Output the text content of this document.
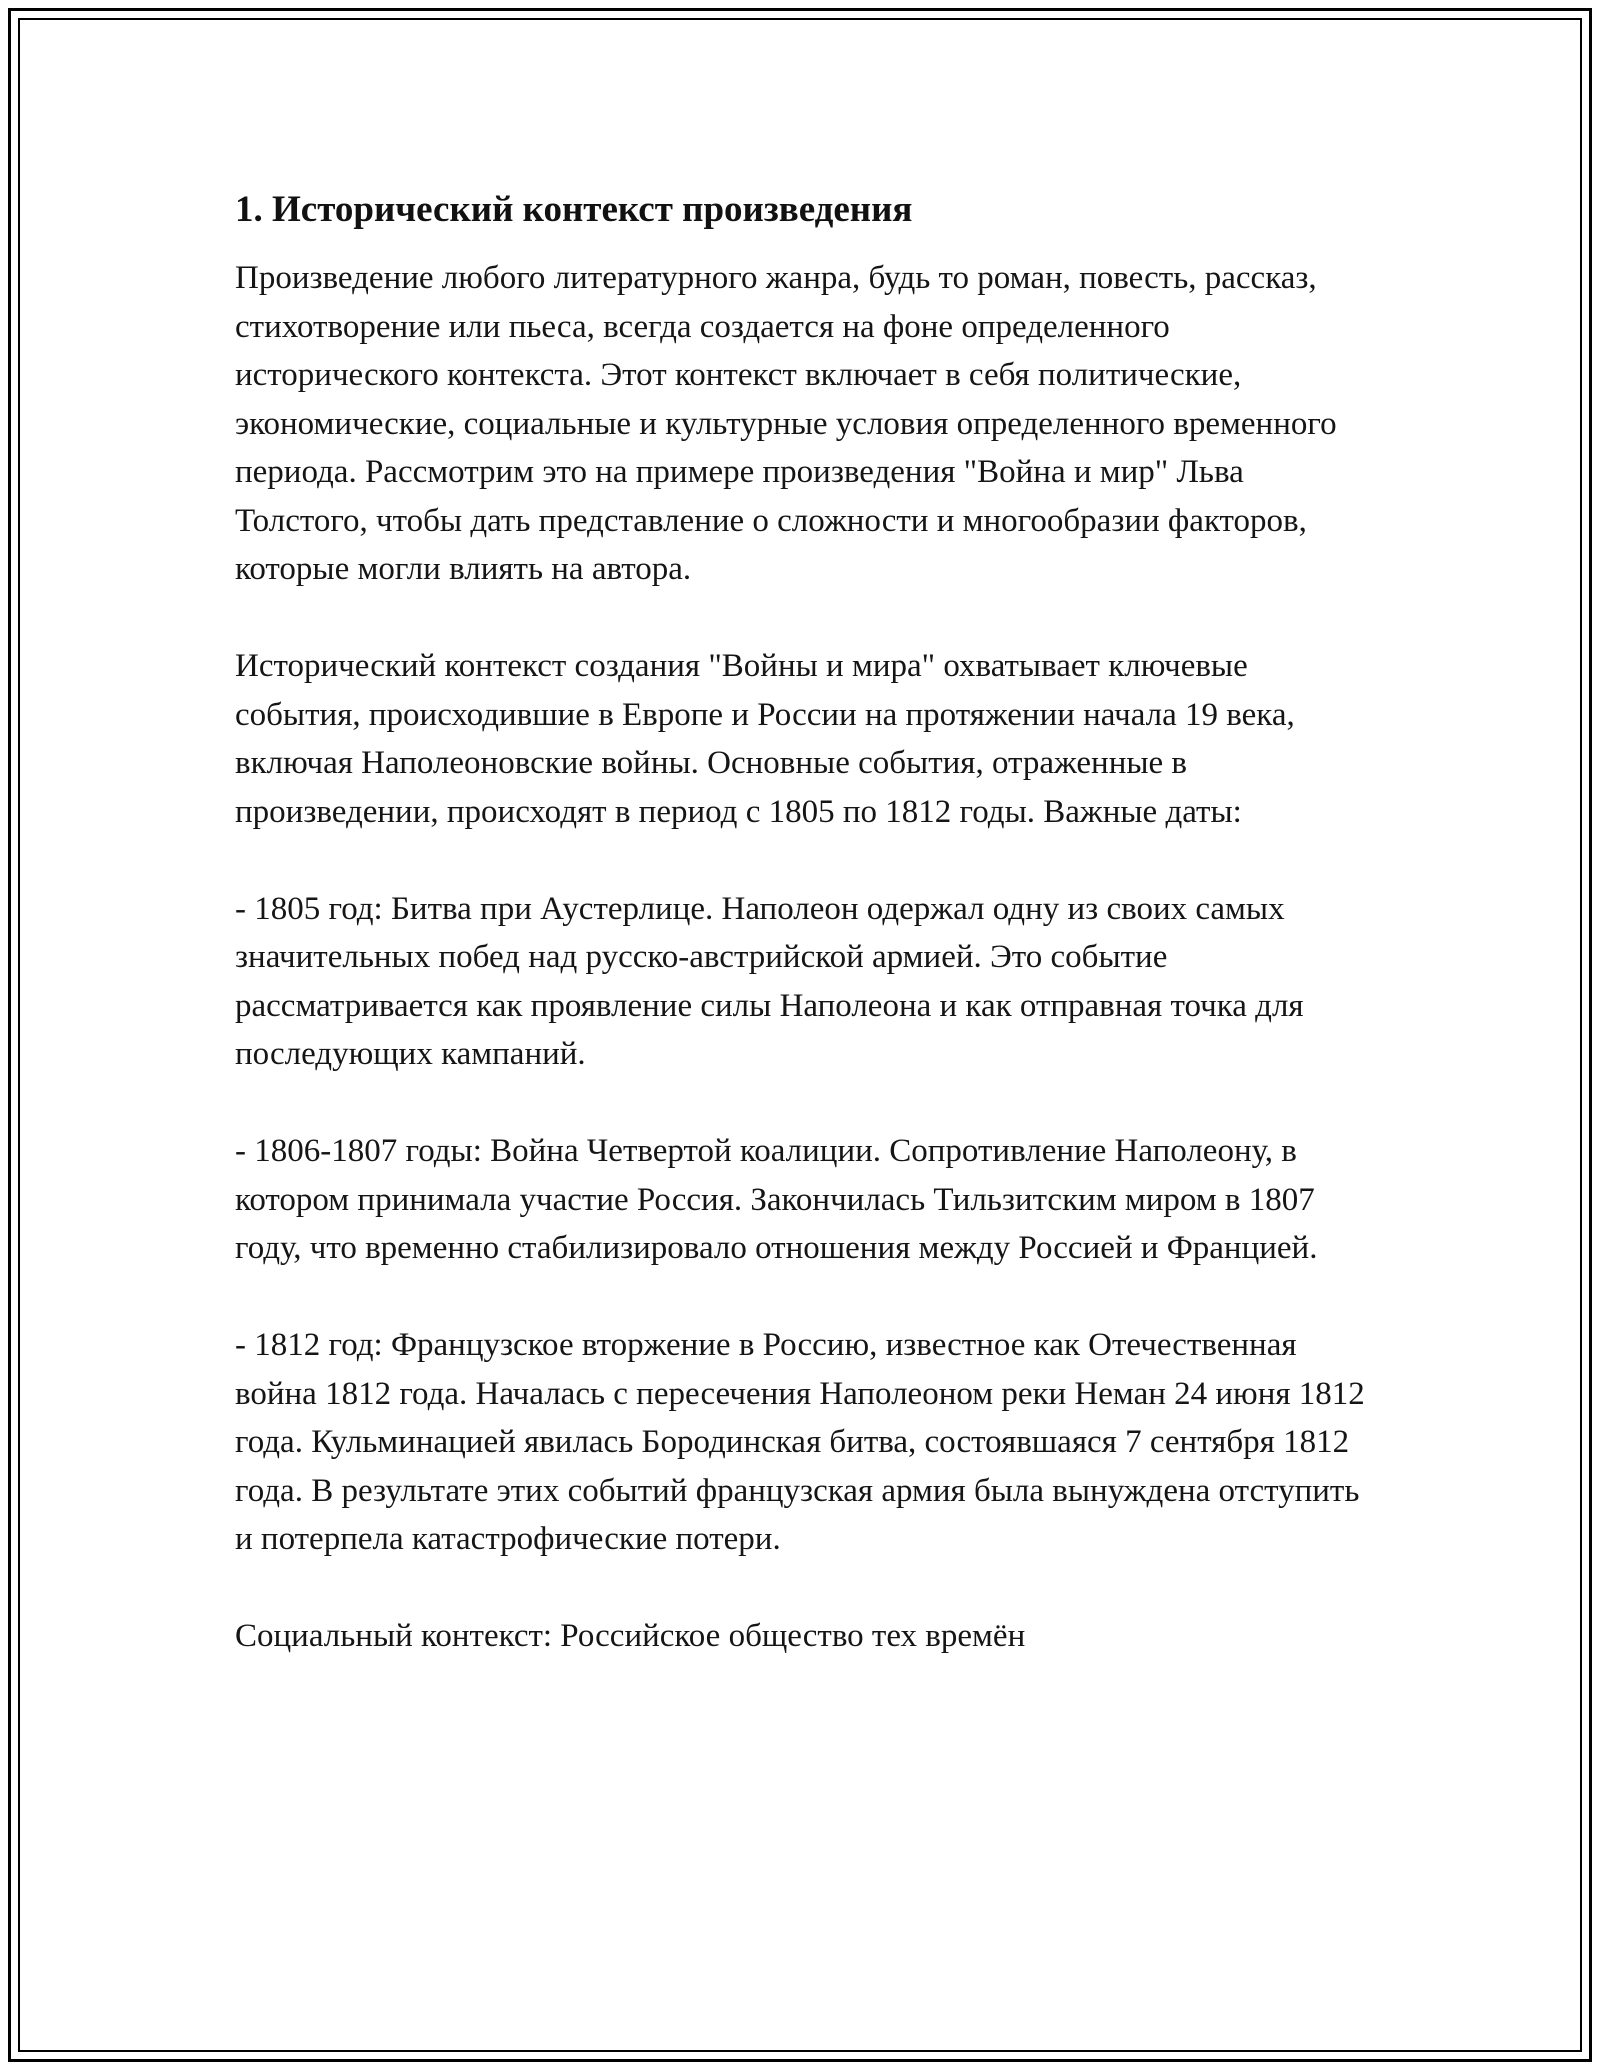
1. Исторический контекст произведения

Произведение любого литературного жанра, будь то роман, повесть, рассказ, стихотворение или пьеса, всегда создается на фоне определенного исторического контекста. Этот контекст включает в себя политические, экономические, социальные и культурные условия определенного временного периода. Рассмотрим это на примере произведения "Война и мир" Льва Толстого, чтобы дать представление о сложности и многообразии факторов, которые могли влиять на автора.

Исторический контекст создания "Войны и мира" охватывает ключевые события, происходившие в Европе и России на протяжении начала 19 века, включая Наполеоновские войны. Основные события, отраженные в произведении, происходят в период с 1805 по 1812 годы. Важные даты:

- 1805 год: Битва при Аустерлице. Наполеон одержал одну из своих самых значительных побед над русско-австрийской армией. Это событие рассматривается как проявление силы Наполеона и как отправная точка для последующих кампаний.

- 1806-1807 годы: Война Четвертой коалиции. Сопротивление Наполеону, в котором принимала участие Россия. Закончилась Тильзитским миром в 1807 году, что временно стабилизировало отношения между Россией и Францией.

- 1812 год: Французское вторжение в Россию, известное как Отечественная война 1812 года. Началась с пересечения Наполеоном реки Неман 24 июня 1812 года. Кульминацией явилась Бородинская битва, состоявшаяся 7 сентября 1812 года. В результате этих событий французская армия была вынуждена отступить и потерпела катастрофические потери.

Социальный контекст: Российское общество тех времён
